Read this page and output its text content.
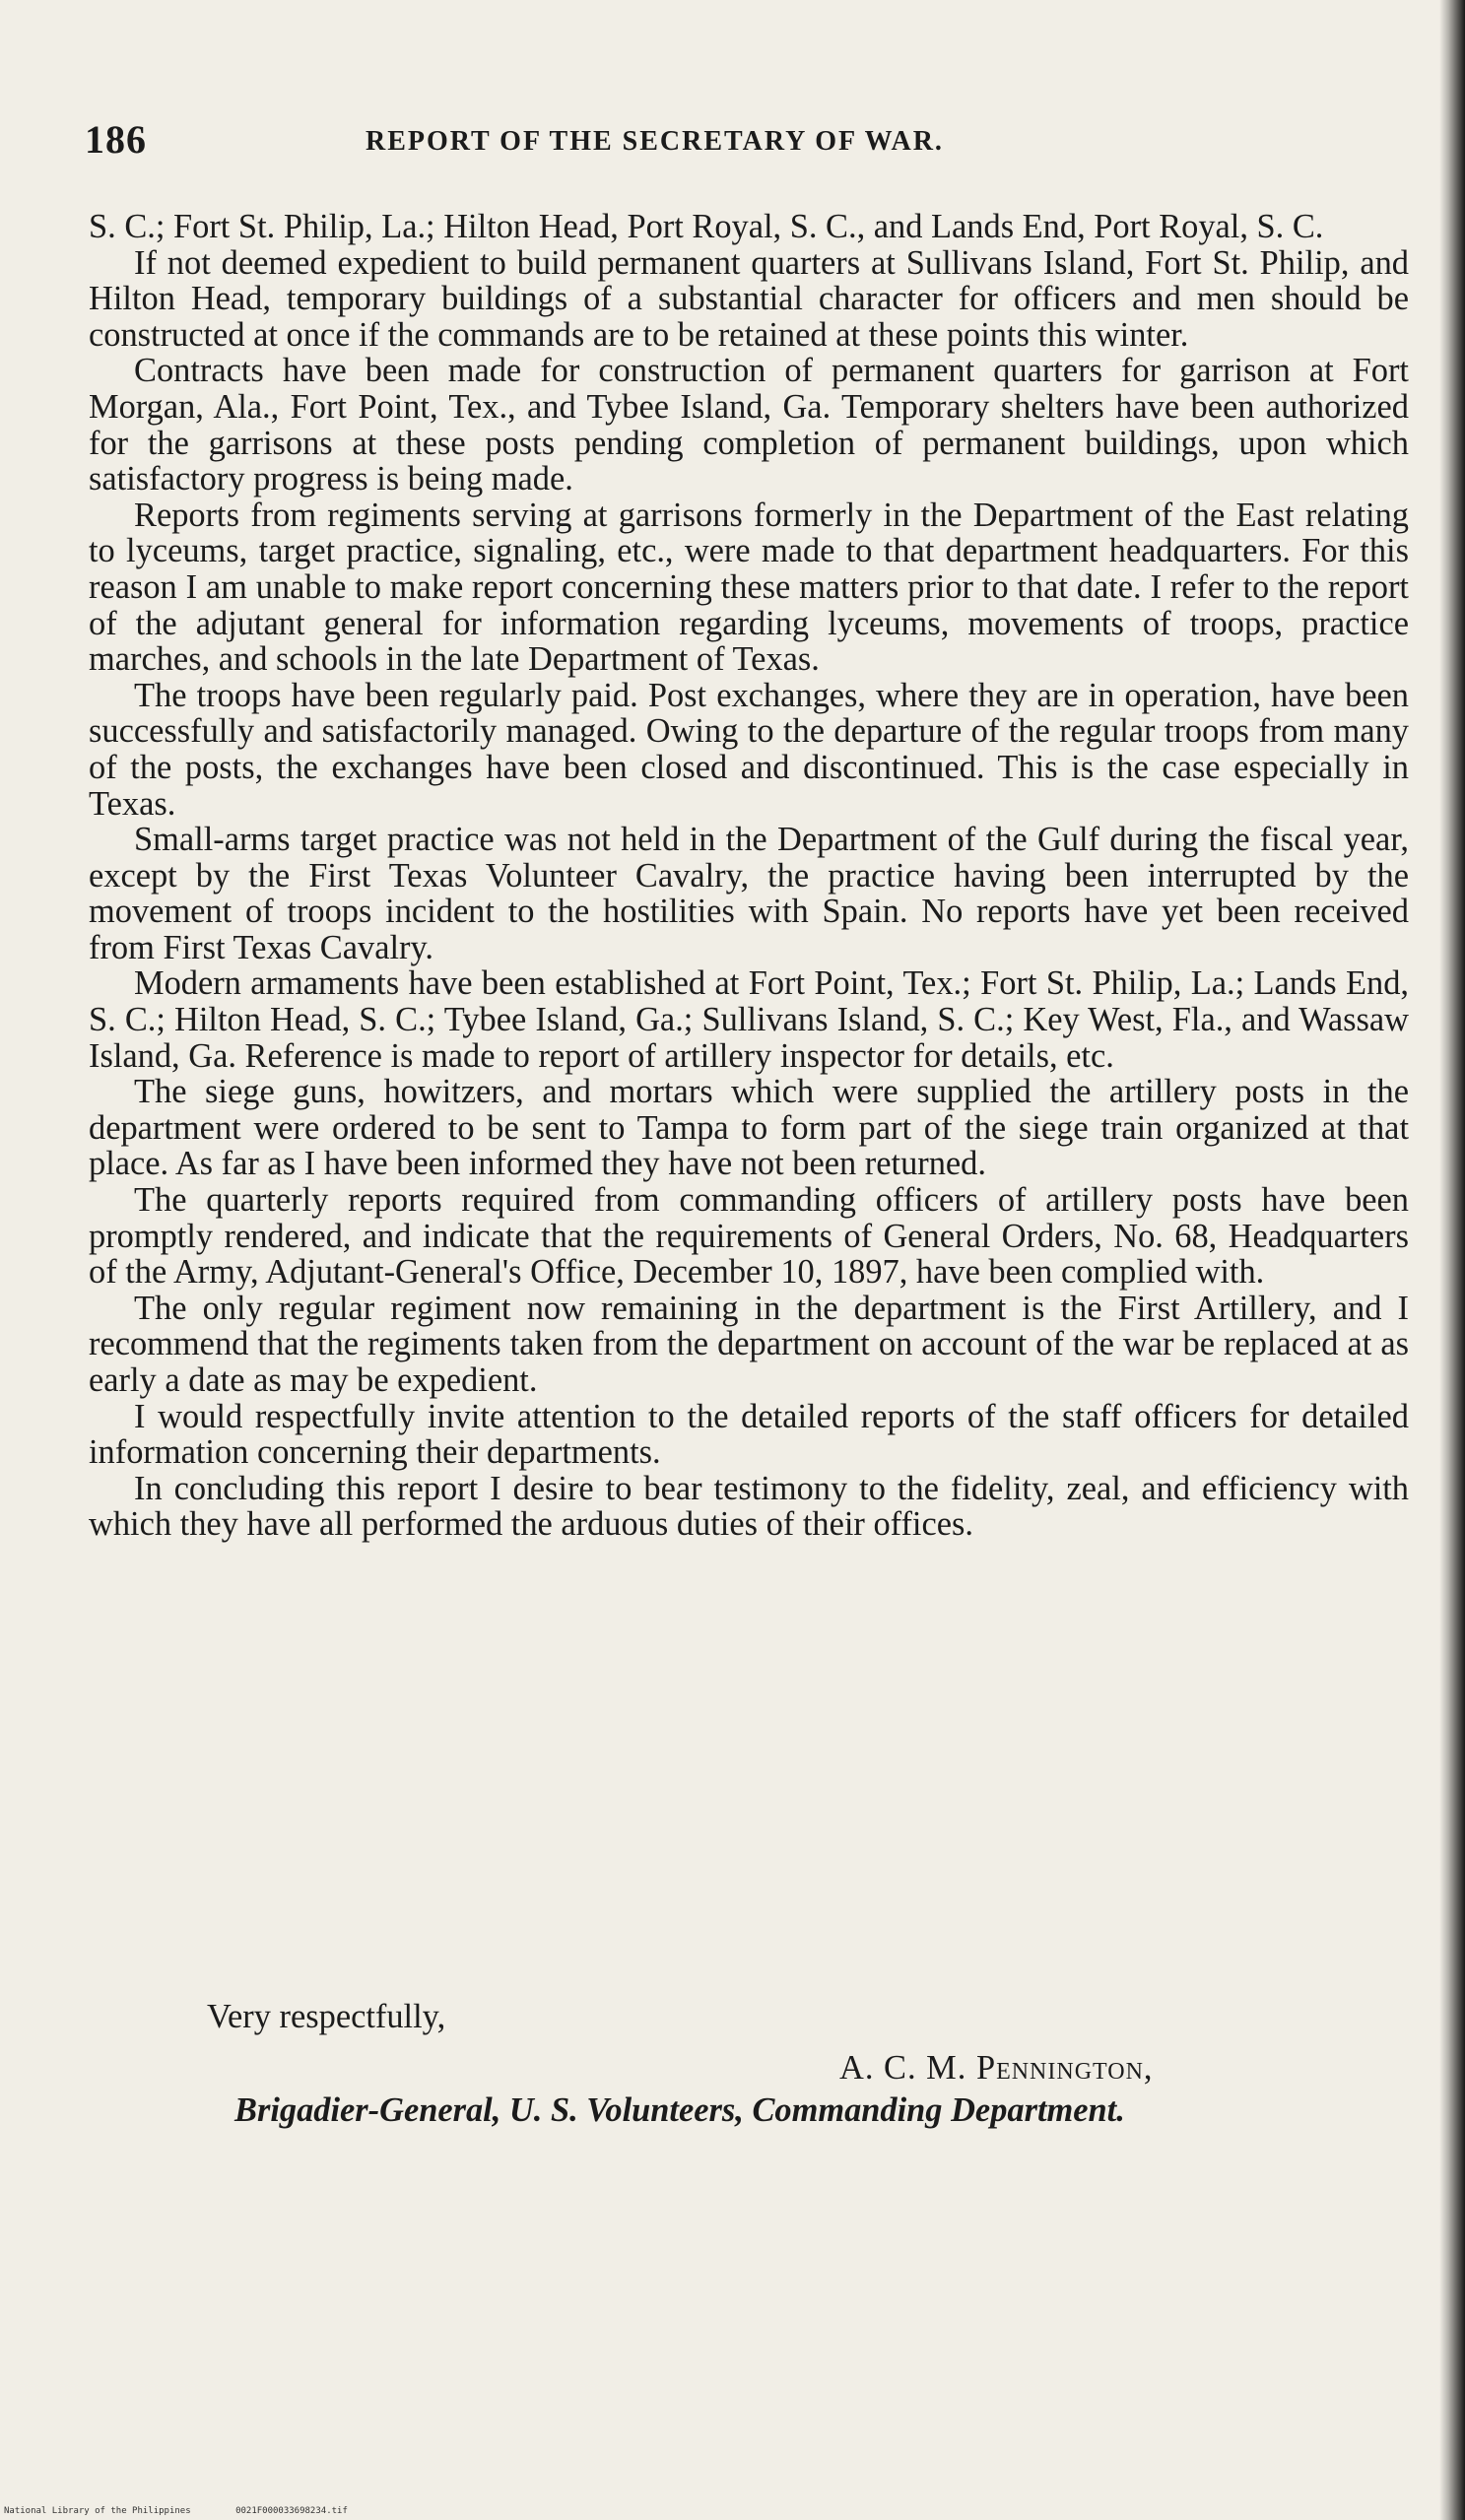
186	REPORT OF THE SECRETARY OF WAR.

S. C.; Fort St. Philip, La.; Hilton Head, Port Royal, S. C., and Lands End, Port Royal, S. C.

If not deemed expedient to build permanent quarters at Sullivans Island, Fort St. Philip, and Hilton Head, temporary buildings of a substantial character for officers and men should be constructed at once if the commands are to be retained at these points this winter.

Contracts have been made for construction of permanent quarters for garrison at Fort Morgan, Ala., Fort Point, Tex., and Tybee Island, Ga. Temporary shelters have been authorized for the garrisons at these posts pending completion of permanent buildings, upon which satisfactory progress is being made.

Reports from regiments serving at garrisons formerly in the Department of the East relating to lyceums, target practice, signaling, etc., were made to that department headquarters. For this reason I am unable to make report concerning these matters prior to that date. I refer to the report of the adjutant general for information regarding lyceums, movements of troops, practice marches, and schools in the late Department of Texas.

The troops have been regularly paid. Post exchanges, where they are in operation, have been successfully and satisfactorily managed. Owing to the departure of the regular troops from many of the posts, the exchanges have been closed and discontinued. This is the case especially in Texas.

Small-arms target practice was not held in the Department of the Gulf during the fiscal year, except by the First Texas Volunteer Cavalry, the practice having been interrupted by the movement of troops incident to the hostilities with Spain. No reports have yet been received from First Texas Cavalry.

Modern armaments have been established at Fort Point, Tex.; Fort St. Philip, La.; Lands End, S. C.; Hilton Head, S. C.; Tybee Island, Ga.; Sullivans Island, S. C.; Key West, Fla., and Wassaw Island, Ga. Reference is made to report of artillery inspector for details, etc.

The siege guns, howitzers, and mortars which were supplied the artillery posts in the department were ordered to be sent to Tampa to form part of the siege train organized at that place. As far as I have been informed they have not been returned.

The quarterly reports required from commanding officers of artillery posts have been promptly rendered, and indicate that the requirements of General Orders, No. 68, Headquarters of the Army, Adjutant-General's Office, December 10, 1897, have been complied with.

The only regular regiment now remaining in the department is the First Artillery, and I recommend that the regiments taken from the department on account of the war be replaced at as early a date as may be expedient.

I would respectfully invite attention to the detailed reports of the staff officers for detailed information concerning their departments.

In concluding this report I desire to bear testimony to the fidelity, zeal, and efficiency with which they have all performed the arduous duties of their offices.

Very respectfully,
A. C. M. Pennington,
Brigadier-General, U. S. Volunteers, Commanding Department.
National Library of the Philippines	0021F000033698234.tif
